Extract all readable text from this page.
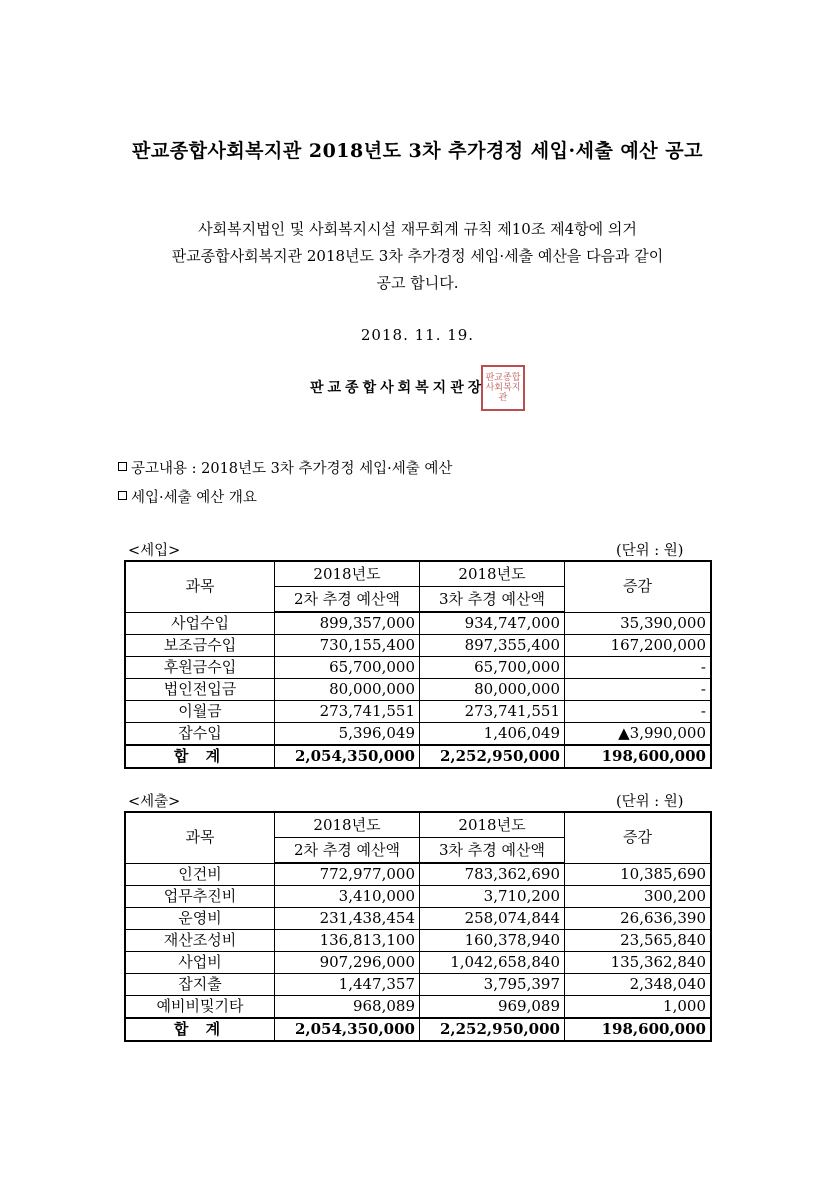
판교종합사회복지관 2018년도 3차 추가경정 세입·세출 예산 공고
사회복지법인 및 사회복지시설 재무회계 규칙 제10조 제4항에 의거
판교종합사회복지관 2018년도 3차 추가경정 세입·세출 예산을 다음과 같이
공고 합니다.
2018. 11. 19.
판교종합사회복지관장
판교종합사회복지관
공고내용 : 2018년도 3차 추가경정 세입·세출 예산
세입·세출 예산 개요
<세입>	(단위 : 원)
과목	2018년도	2018년도	증감
	2차 추경 예산액	3차 추경 예산액	
사업수입	899,357,000	934,747,000	35,390,000
보조금수입	730,155,400	897,355,400	167,200,000
후원금수입	65,700,000	65,700,000	-
법인전입금	80,000,000	80,000,000	-
이월금	273,741,551	273,741,551	-
잡수입	5,396,049	1,406,049	▲3,990,000
합 계	2,054,350,000	2,252,950,000	198,600,000
<세출>	(단위 : 원)
과목	2018년도	2018년도	증감
	2차 추경 예산액	3차 추경 예산액	
인건비	772,977,000	783,362,690	10,385,690
업무추진비	3,410,000	3,710,200	300,200
운영비	231,438,454	258,074,844	26,636,390
재산조성비	136,813,100	160,378,940	23,565,840
사업비	907,296,000	1,042,658,840	135,362,840
잡지출	1,447,357	3,795,397	2,348,040
예비비및기타	968,089	969,089	1,000
합 계	2,054,350,000	2,252,950,000	198,600,000
